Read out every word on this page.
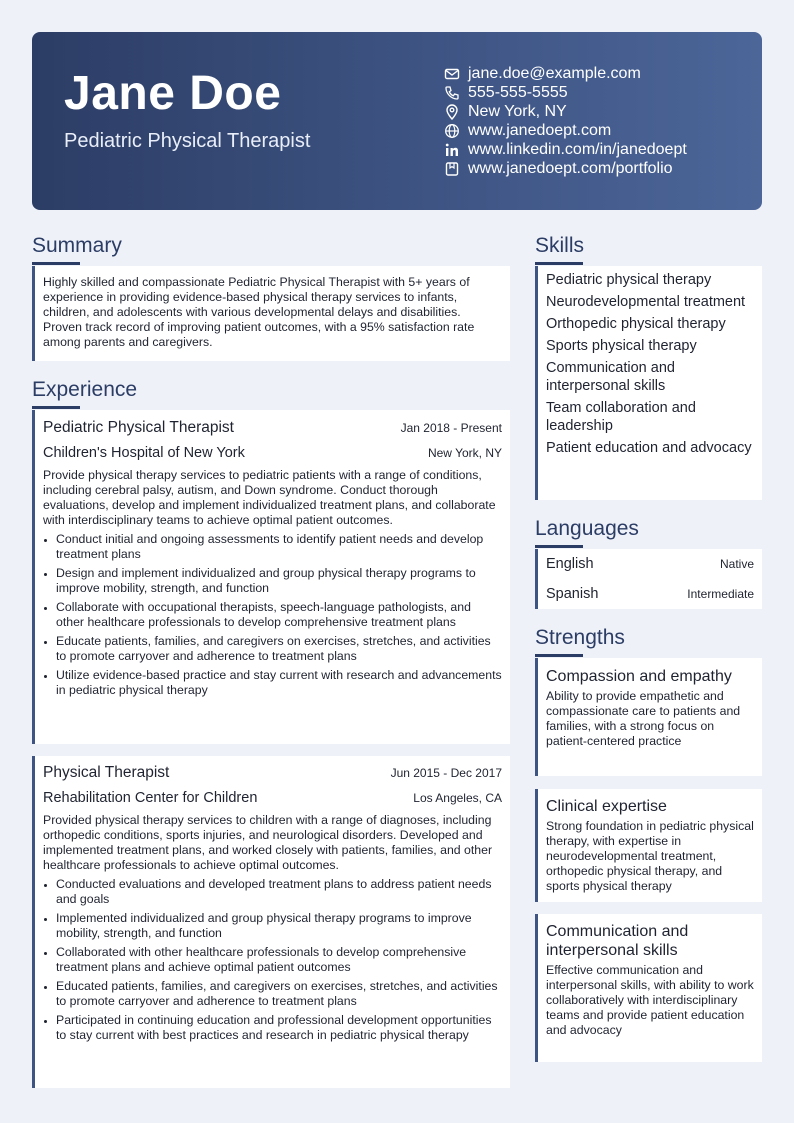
Jane Doe
Pediatric Physical Therapist
jane.doe@example.com
555-555-5555
New York, NY
www.janedoept.com
www.linkedin.com/in/janedoept
www.janedoept.com/portfolio
Summary
Highly skilled and compassionate Pediatric Physical Therapist with 5+ years of experience in providing evidence-based physical therapy services to infants, children, and adolescents with various developmental delays and disabilities. Proven track record of improving patient outcomes, with a 95% satisfaction rate among parents and caregivers.
Experience
Pediatric Physical Therapist	Jan 2018 - Present
Children's Hospital of New York	New York, NY
Provide physical therapy services to pediatric patients with a range of conditions, including cerebral palsy, autism, and Down syndrome. Conduct thorough evaluations, develop and implement individualized treatment plans, and collaborate with interdisciplinary teams to achieve optimal patient outcomes.
Conduct initial and ongoing assessments to identify patient needs and develop treatment plans
Design and implement individualized and group physical therapy programs to improve mobility, strength, and function
Collaborate with occupational therapists, speech-language pathologists, and other healthcare professionals to develop comprehensive treatment plans
Educate patients, families, and caregivers on exercises, stretches, and activities to promote carryover and adherence to treatment plans
Utilize evidence-based practice and stay current with research and advancements in pediatric physical therapy
Physical Therapist	Jun 2015 - Dec 2017
Rehabilitation Center for Children	Los Angeles, CA
Provided physical therapy services to children with a range of diagnoses, including orthopedic conditions, sports injuries, and neurological disorders. Developed and implemented treatment plans, and worked closely with patients, families, and other healthcare professionals to achieve optimal outcomes.
Conducted evaluations and developed treatment plans to address patient needs and goals
Implemented individualized and group physical therapy programs to improve mobility, strength, and function
Collaborated with other healthcare professionals to develop comprehensive treatment plans and achieve optimal patient outcomes
Educated patients, families, and caregivers on exercises, stretches, and activities to promote carryover and adherence to treatment plans
Participated in continuing education and professional development opportunities to stay current with best practices and research in pediatric physical therapy
Skills
Pediatric physical therapy
Neurodevelopmental treatment
Orthopedic physical therapy
Sports physical therapy
Communication and interpersonal skills
Team collaboration and leadership
Patient education and advocacy
Languages
English	Native
Spanish	Intermediate
Strengths
Compassion and empathy
Ability to provide empathetic and compassionate care to patients and families, with a strong focus on patient-centered practice
Clinical expertise
Strong foundation in pediatric physical therapy, with expertise in neurodevelopmental treatment, orthopedic physical therapy, and sports physical therapy
Communication and interpersonal skills
Effective communication and interpersonal skills, with ability to work collaboratively with interdisciplinary teams and provide patient education and advocacy
